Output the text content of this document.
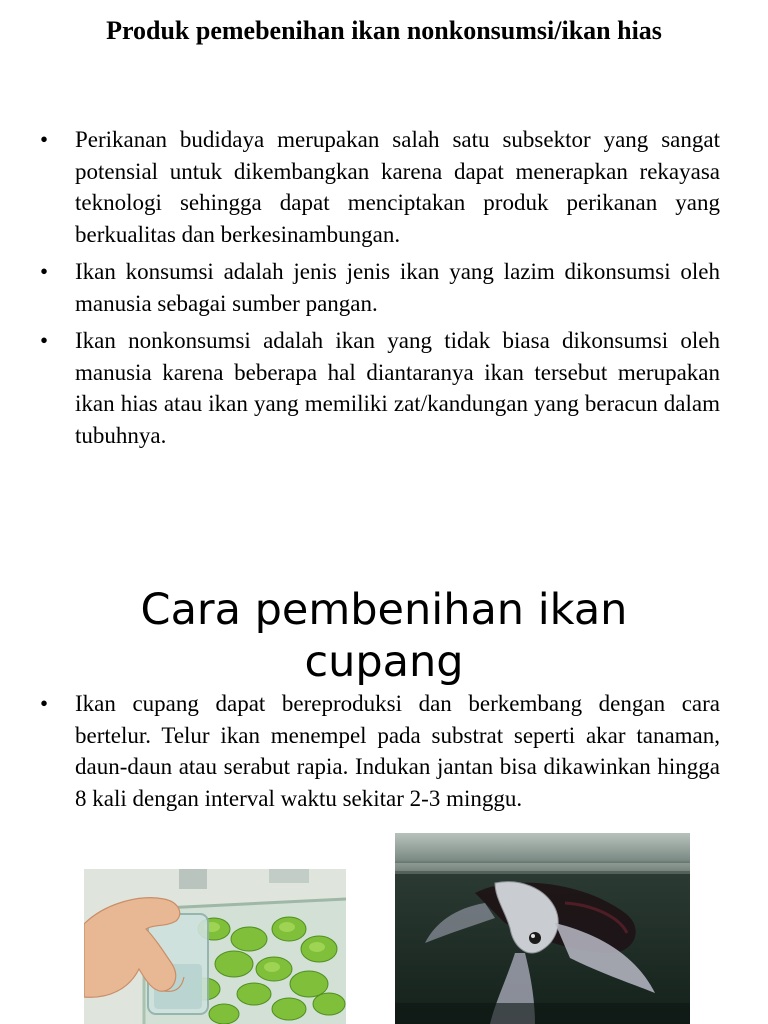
Produk pemebenihan ikan nonkonsumsi/ikan hias
• Perikanan budidaya merupakan salah satu subsektor yang sangat potensial untuk dikembangkan karena dapat menerapkan rekayasa teknologi sehingga dapat menciptakan produk perikanan yang berkualitas dan berkesinambungan.
• Ikan konsumsi adalah jenis jenis ikan yang lazim dikonsumsi oleh manusia sebagai sumber pangan.
• Ikan nonkonsumsi adalah ikan yang tidak biasa dikonsumsi oleh manusia karena beberapa hal diantaranya ikan tersebut merupakan ikan hias atau ikan yang memiliki zat/kandungan yang beracun dalam tubuhnya.
Cara pembenihan ikan cupang
• Ikan cupang dapat bereproduksi dan berkembang dengan cara bertelur. Telur ikan menempel pada substrat seperti akar tanaman, daun-daun atau serabut rapia. Indukan jantan bisa dikawinkan hingga 8 kali dengan interval waktu sekitar 2-3 minggu.
